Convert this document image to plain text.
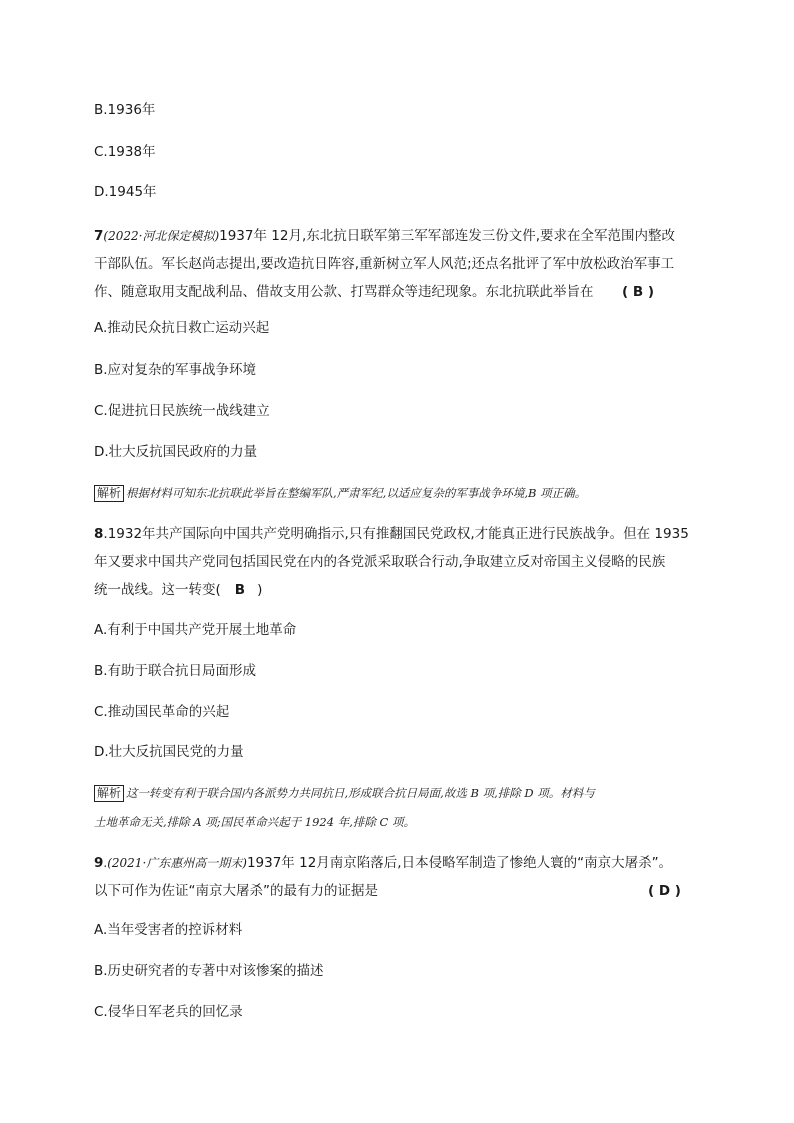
B.1936年
C.1938年
D.1945年
7(2022·河北保定模拟)1937年 12月,东北抗日联军第三军军部连发三份文件,要求在全军范围内整改
干部队伍。军长赵尚志提出,要改造抗日阵容,重新树立军人风范;还点名批评了军中放松政治军事工
作、随意取用支配战利品、借故支用公款、打骂群众等违纪现象。东北抗联此举旨在	( B )
A.推动民众抗日救亡运动兴起
B.应对复杂的军事战争环境
C.促进抗日民族统一战线建立
D.壮大反抗国民政府的力量
解析 根据材料可知东北抗联此举旨在整编军队,严肃军纪,以适应复杂的军事战争环境,B 项正确。
8.1932年共产国际向中国共产党明确指示,只有推翻国民党政权,才能真正进行民族战争。但在 1935
年又要求中国共产党同包括国民党在内的各党派采取联合行动,争取建立反对帝国主义侵略的民族
统一战线。这一转变( B )
A.有利于中国共产党开展土地革命
B.有助于联合抗日局面形成
C.推动国民革命的兴起
D.壮大反抗国民党的力量
解析 这一转变有利于联合国内各派势力共同抗日,形成联合抗日局面,故选 B 项,排除 D 项。材料与
土地革命无关,排除 A 项;国民革命兴起于 1924 年,排除 C 项。
9.(2021·广东惠州高一期末)1937年 12月南京陷落后,日本侵略军制造了惨绝人寰的“南京大屠杀”。
以下可作为佐证“南京大屠杀”的最有力的证据是	( D )
A.当年受害者的控诉材料
B.历史研究者的专著中对该惨案的描述
C.侵华日军老兵的回忆录
